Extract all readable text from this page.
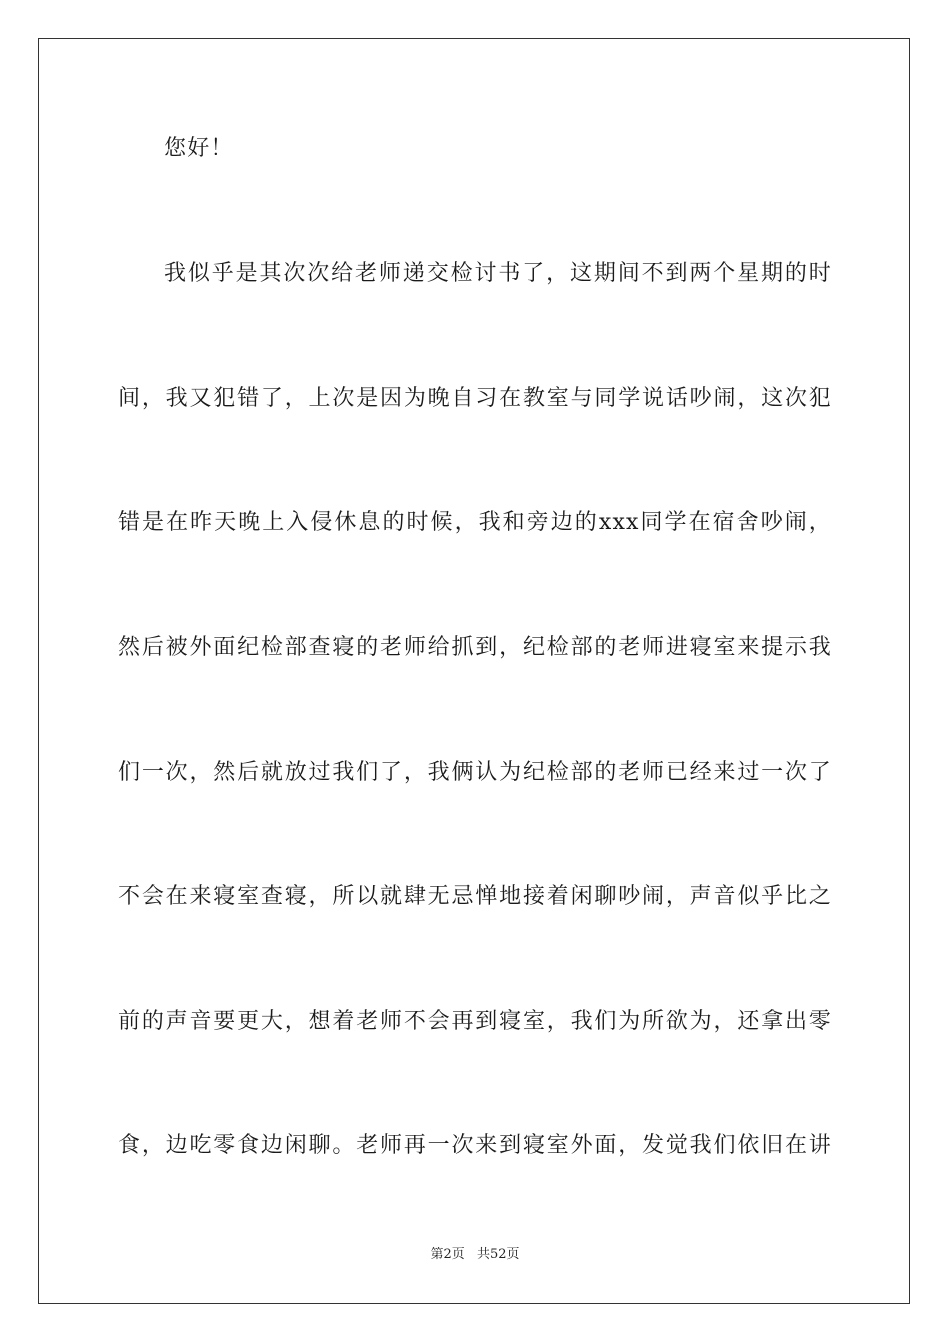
您好！
我似乎是其次次给老师递交检讨书了，这期间不到两个星期的时
间，我又犯错了，上次是因为晚自习在教室与同学说话吵闹，这次犯
错是在昨天晚上入侵休息的时候，我和旁边的xxx同学在宿舍吵闹，
然后被外面纪检部查寝的老师给抓到，纪检部的老师进寝室来提示我
们一次，然后就放过我们了，我俩认为纪检部的老师已经来过一次了
不会在来寝室查寝，所以就肆无忌惮地接着闲聊吵闹，声音似乎比之
前的声音要更大，想着老师不会再到寝室，我们为所欲为，还拿出零
食，边吃零食边闲聊。老师再一次来到寝室外面，发觉我们依旧在讲
第2页 共52页
